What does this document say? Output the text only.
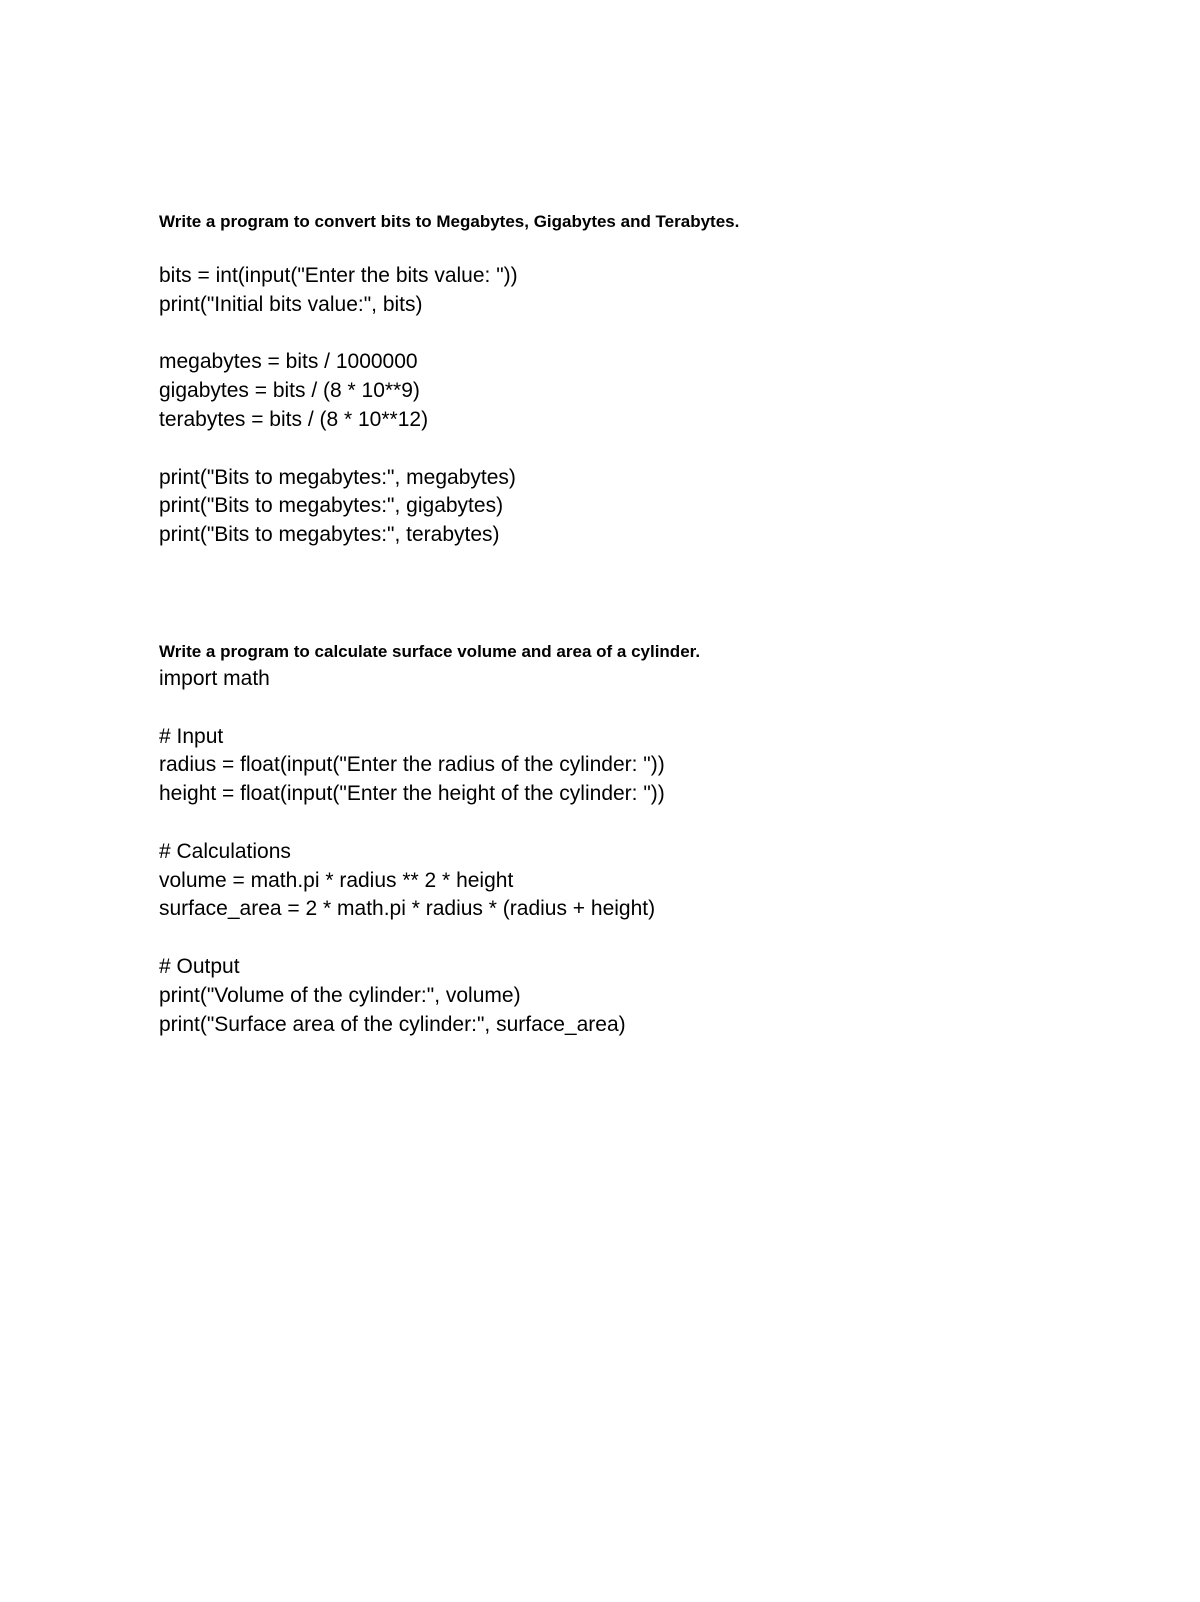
Write a program to convert bits to Megabytes, Gigabytes and Terabytes.

bits = int(input("Enter the bits value: "))
print("Initial bits value:", bits)
megabytes = bits / 1000000
gigabytes = bits / (8 * 10**9)
terabytes = bits / (8 * 10**12)
print("Bits to megabytes:", megabytes)
print("Bits to megabytes:", gigabytes)
print("Bits to megabytes:", terabytes)

Write a program to calculate surface volume and area of a cylinder.

import math
# Input
radius = float(input("Enter the radius of the cylinder: "))
height = float(input("Enter the height of the cylinder: "))
# Calculations
volume = math.pi * radius ** 2 * height
surface_area = 2 * math.pi * radius * (radius + height)
# Output
print("Volume of the cylinder:", volume)
print("Surface area of the cylinder:", surface_area)
